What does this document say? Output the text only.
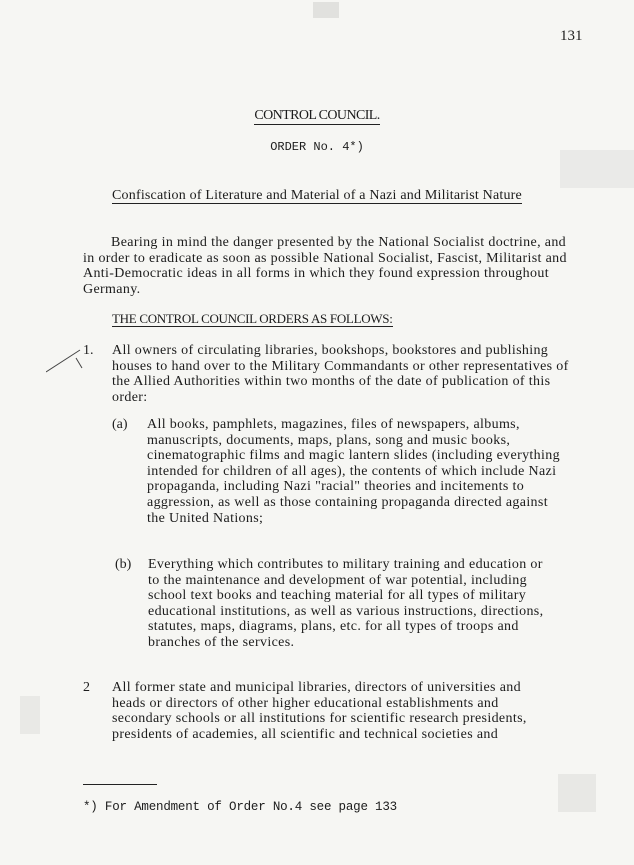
131
CONTROL COUNCIL.
ORDER No. 4*)
Confiscation of Literature and Material of a Nazi and Militarist Nature

Bearing in mind the danger presented by the National Socialist doctrine, and in order to eradicate as soon as possible National Socialist, Fascist, Militarist and Anti-Democratic ideas in all forms in which they found expression throughout Germany.

THE CONTROL COUNCIL ORDERS AS FOLLOWS:
1. All owners of circulating libraries, bookshops, bookstores and publishing houses to hand over to the Military Commandants or other representatives of the Allied Authorities within two months of the date of publication of this order:

(a) All books, pamphlets, magazines, files of newspapers, albums, manuscripts, documents, maps, plans, song and music books, cinematographic films and magic lantern slides (including everything intended for children of all ages), the contents of which include Nazi propaganda, including Nazi "racial" theories and incitements to aggression, as well as those containing propaganda directed against the United Nations;

(b) Everything which contributes to military training and education or to the maintenance and development of war potential, including school text books and teaching material for all types of military educational institutions, as well as various instructions, directions, statutes, maps, diagrams, plans, etc. for all types of troops and branches of the services.

2 All former state and municipal libraries, directors of universities and heads or directors of other higher educational establishments and secondary schools or all institutions for scientific research presidents, presidents of academies, all scientific and technical societies and

*) For Amendment of Order No.4 see page 133
